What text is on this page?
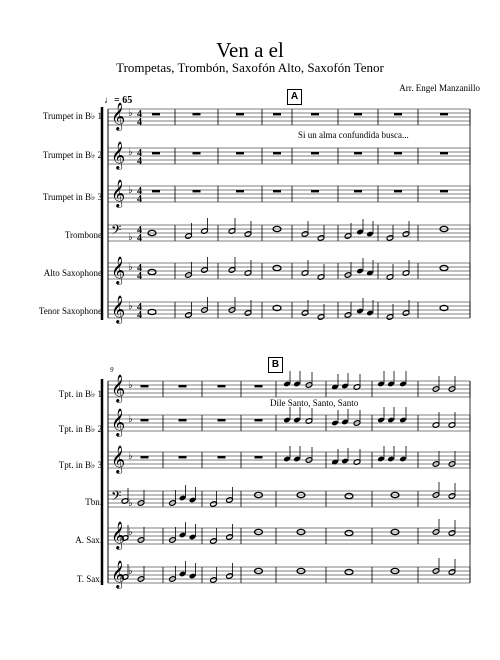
Ven a el
Trompetas, Trombón, Saxofón Alto, Saxofón Tenor
Arr. Engel Manzanillo
♩= 65
Trumpet in B♭ 1
Trumpet in B♭ 2
Trumpet in B♭ 3
Trombone
Alto Saxophone
Tenor Saxophone
Tpt. in B♭ 1
Tpt. in B♭ 2
Tpt. in B♭ 3
Tbn.
A. Sax.
T. Sax.
9
A
B
Si un alma confundida busca...
Dile Santo, Santo, Santo
𝄞 ♭ 4
4
𝄞 ♭ 4
4
𝄞 ♭ 4
4
𝄢 ♭
4
4
𝄞 ♭ 4
4
𝄞 ♭ 4
4
𝄞 ♭
𝄞 ♭
𝄞 ♭
𝄢 ♭
𝄞 ♭
𝄞 ♭
